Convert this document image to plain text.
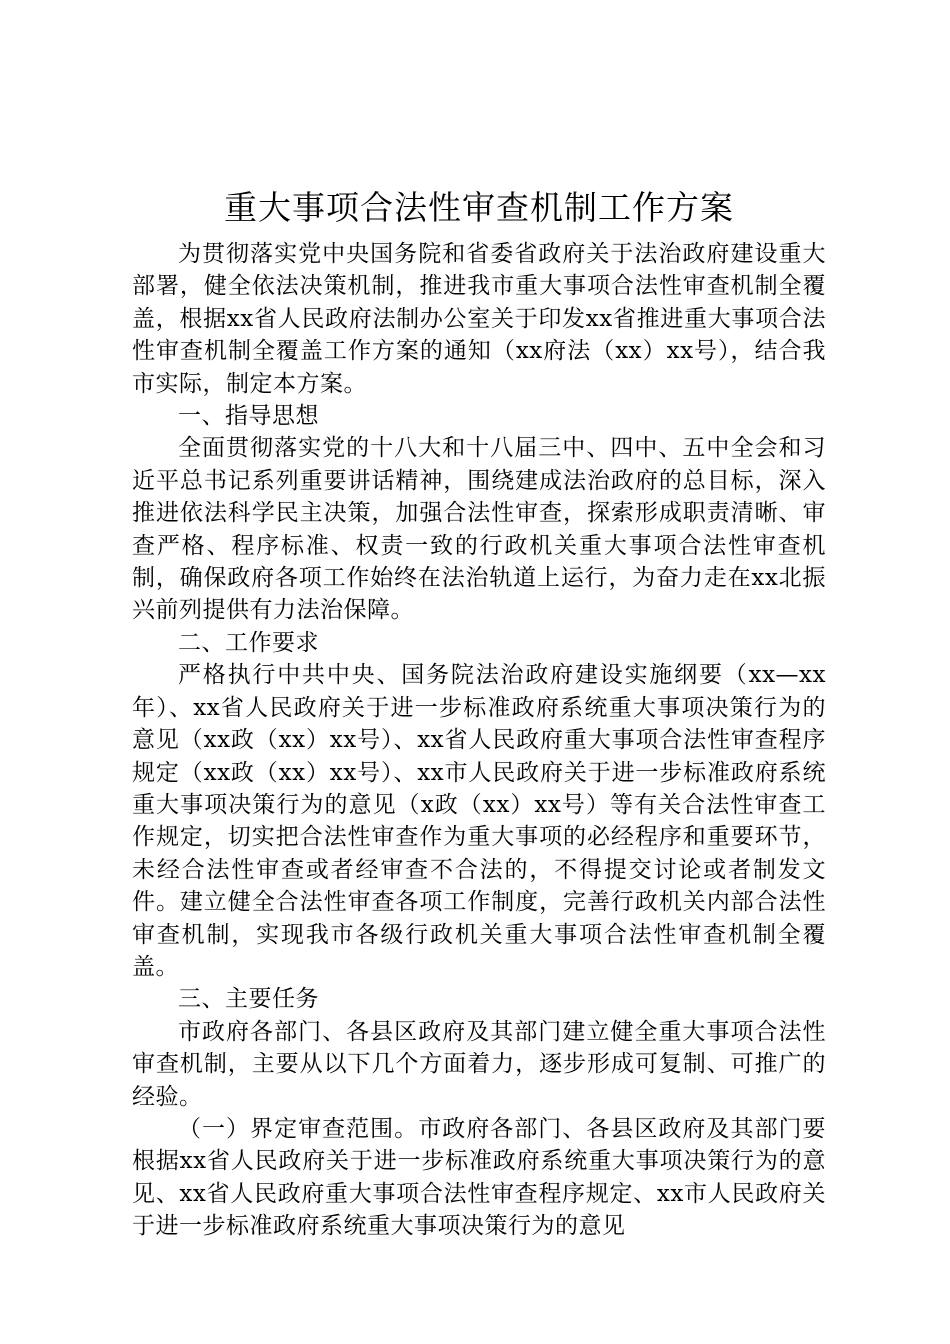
重大事项合法性审查机制工作方案

为贯彻落实党中央国务院和省委省政府关于法治政府建设重大部署，健全依法决策机制，推进我市重大事项合法性审查机制全覆盖，根据xx省人民政府法制办公室关于印发xx省推进重大事项合法性审查机制全覆盖工作方案的通知（xx府法（xx）xx号），结合我市实际，制定本方案。

一、指导思想

全面贯彻落实党的十八大和十八届三中、四中、五中全会和习近平总书记系列重要讲话精神，围绕建成法治政府的总目标，深入推进依法科学民主决策，加强合法性审查，探索形成职责清晰、审查严格、程序标准、权责一致的行政机关重大事项合法性审查机制，确保政府各项工作始终在法治轨道上运行，为奋力走在xx北振兴前列提供有力法治保障。

二、工作要求

严格执行中共中央、国务院法治政府建设实施纲要（xx—xx年）、xx省人民政府关于进一步标准政府系统重大事项决策行为的意见（xx政（xx）xx号）、xx省人民政府重大事项合法性审查程序规定（xx政（xx）xx号）、xx市人民政府关于进一步标准政府系统重大事项决策行为的意见（x政（xx）xx号）等有关合法性审查工作规定，切实把合法性审查作为重大事项的必经程序和重要环节，未经合法性审查或者经审查不合法的，不得提交讨论或者制发文件。建立健全合法性审查各项工作制度，完善行政机关内部合法性审查机制，实现我市各级行政机关重大事项合法性审查机制全覆盖。

三、主要任务

市政府各部门、各县区政府及其部门建立健全重大事项合法性审查机制，主要从以下几个方面着力，逐步形成可复制、可推广的经验。

（一）界定审查范围。市政府各部门、各县区政府及其部门要根据xx省人民政府关于进一步标准政府系统重大事项决策行为的意见、xx省人民政府重大事项合法性审查程序规定、xx市人民政府关于进一步标准政府系统重大事项决策行为的意见
